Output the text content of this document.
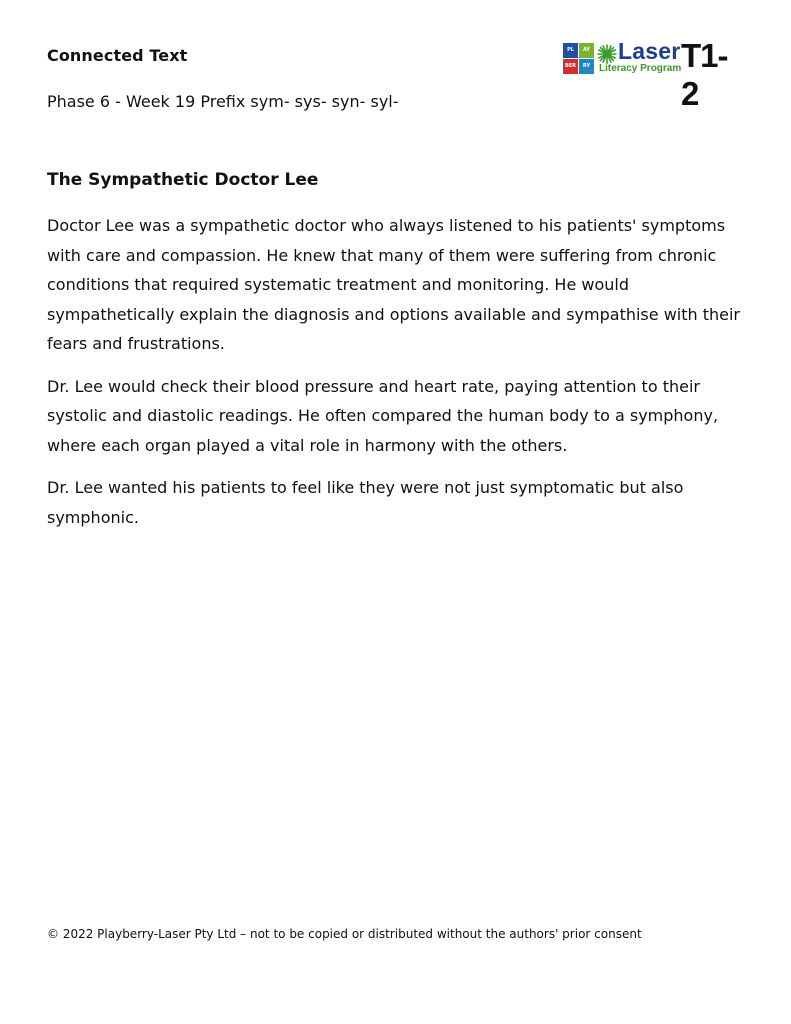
Connected Text
Phase 6 - Week 19 Prefix sym- sys- syn- syl-
PL	AY
BER	RY
Laser
Literacy Program T1-2
The Sympathetic Doctor Lee

Doctor Lee was a sympathetic doctor who always listened to his patients' symptoms with care and compassion. He knew that many of them were suffering from chronic conditions that required systematic treatment and monitoring. He would sympathetically explain the diagnosis and options available and sympathise with their fears and frustrations.

Dr. Lee would check their blood pressure and heart rate, paying attention to their systolic and diastolic readings. He often compared the human body to a symphony, where each organ played a vital role in harmony with the others.

Dr. Lee wanted his patients to feel like they were not just symptomatic but also symphonic.

© 2022 Playberry-Laser Pty Ltd – not to be copied or distributed without the authors' prior consent
